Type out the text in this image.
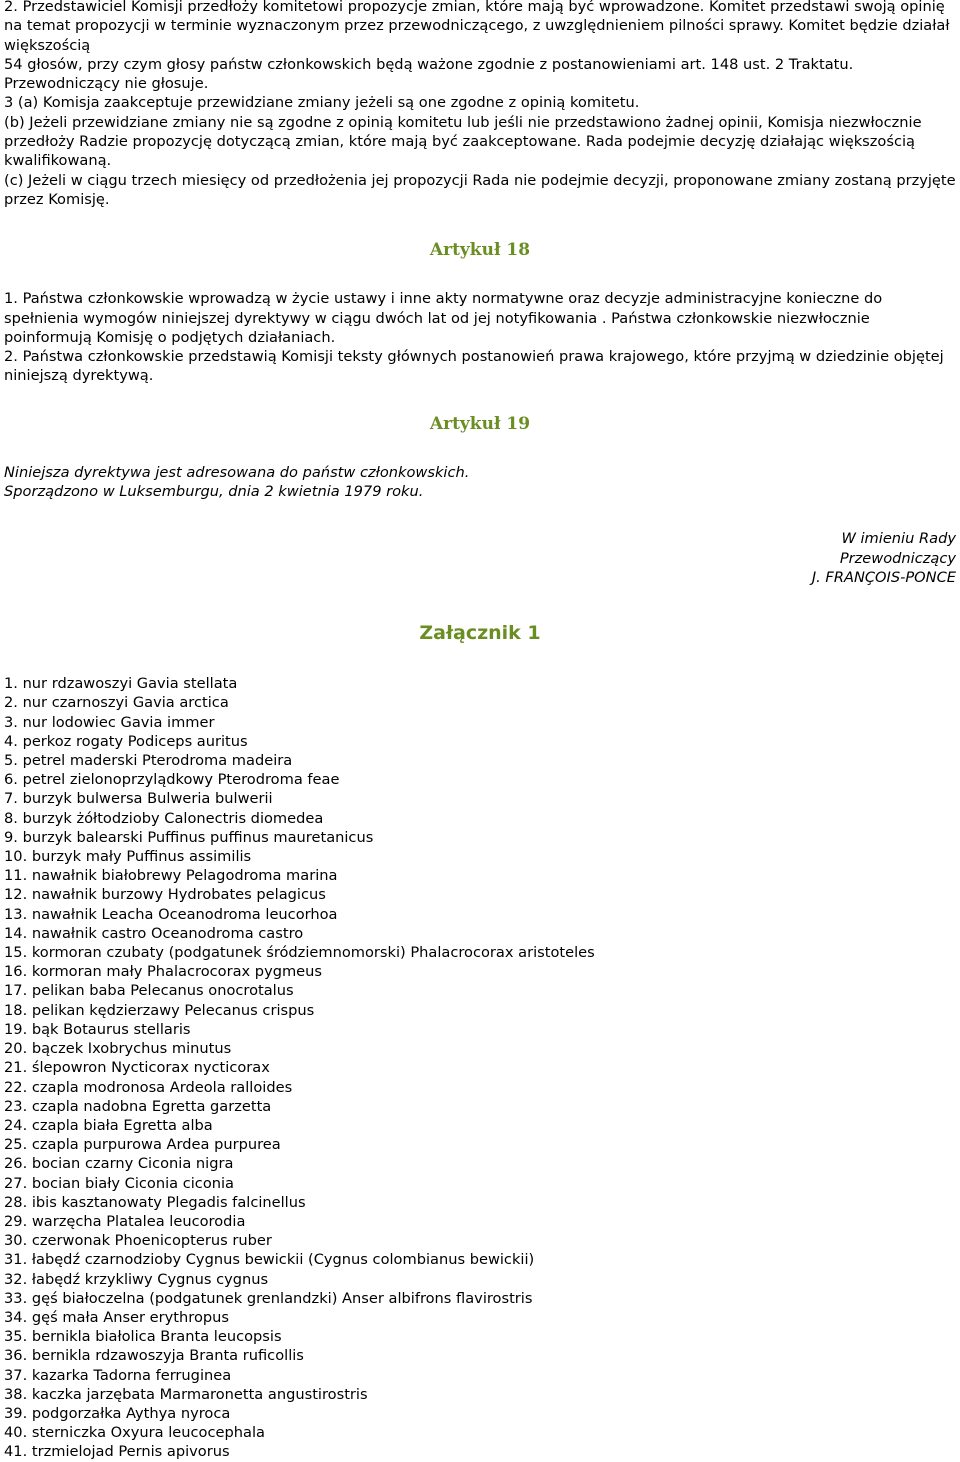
2. Przedstawiciel Komisji przedłoży komitetowi propozycje zmian, które mają być wprowadzone. Komitet przedstawi swoją opinię na temat propozycji w terminie wyznaczonym przez przewodniczącego, z uwzględnieniem pilności sprawy. Komitet będzie działał większością

54 głosów, przy czym głosy państw członkowskich będą ważone zgodnie z postanowieniami art. 148 ust. 2 Traktatu. Przewodniczący nie głosuje.

3 (a) Komisja zaakceptuje przewidziane zmiany jeżeli są one zgodne z opinią komitetu.

(b) Jeżeli przewidziane zmiany nie są zgodne z opinią komitetu lub jeśli nie przedstawiono żadnej opinii, Komisja niezwłocznie przedłoży Radzie propozycję dotyczącą zmian, które mają być zaakceptowane. Rada podejmie decyzję działając większością kwalifikowaną.

(c) Jeżeli w ciągu trzech miesięcy od przedłożenia jej propozycji Rada nie podejmie decyzji, proponowane zmiany zostaną przyjęte przez Komisję.

Artykuł 18

1. Państwa członkowskie wprowadzą w życie ustawy i inne akty normatywne oraz decyzje administracyjne konieczne do spełnienia wymogów niniejszej dyrektywy w ciągu dwóch lat od jej notyfikowania . Państwa członkowskie niezwłocznie poinformują Komisję o podjętych działaniach.

2. Państwa członkowskie przedstawią Komisji teksty głównych postanowień prawa krajowego, które przyjmą w dziedzinie objętej niniejszą dyrektywą.

Artykuł 19

Niniejsza dyrektywa jest adresowana do państw członkowskich.

Sporządzono w Luksemburgu, dnia 2 kwietnia 1979 roku.

W imieniu Rady
Przewodniczący
J. FRANÇOIS-PONCE
Załącznik 1
1. nur rdzawoszyi Gavia stellata
2. nur czarnoszyi Gavia arctica
3. nur lodowiec Gavia immer
4. perkoz rogaty Podiceps auritus
5. petrel maderski Pterodroma madeira
6. petrel zielonoprzylądkowy Pterodroma feae
7. burzyk bulwersa Bulweria bulwerii
8. burzyk żółtodzioby Calonectris diomedea
9. burzyk balearski Puffinus puffinus mauretanicus
10. burzyk mały Puffinus assimilis
11. nawałnik białobrewy Pelagodroma marina
12. nawałnik burzowy Hydrobates pelagicus
13. nawałnik Leacha Oceanodroma leucorhoa
14. nawałnik castro Oceanodroma castro
15. kormoran czubaty (podgatunek śródziemnomorski) Phalacrocorax aristoteles
16. kormoran mały Phalacrocorax pygmeus
17. pelikan baba Pelecanus onocrotalus
18. pelikan kędzierzawy Pelecanus crispus
19. bąk Botaurus stellaris
20. bączek Ixobrychus minutus
21. ślepowron Nycticorax nycticorax
22. czapla modronosa Ardeola ralloides
23. czapla nadobna Egretta garzetta
24. czapla biała Egretta alba
25. czapla purpurowa Ardea purpurea
26. bocian czarny Ciconia nigra
27. bocian biały Ciconia ciconia
28. ibis kasztanowaty Plegadis falcinellus
29. warzęcha Platalea leucorodia
30. czerwonak Phoenicopterus ruber
31. łabędź czarnodzioby Cygnus bewickii (Cygnus colombianus bewickii)
32. łabędź krzykliwy Cygnus cygnus
33. gęś białoczelna (podgatunek grenlandzki) Anser albifrons flavirostris
34. gęś mała Anser erythropus
35. bernikla białolica Branta leucopsis
36. bernikla rdzawoszyja Branta ruficollis
37. kazarka Tadorna ferruginea
38. kaczka jarzębata Marmaronetta angustirostris
39. podgorzałka Aythya nyroca
40. sterniczka Oxyura leucocephala
41. trzmielojad Pernis apivorus
